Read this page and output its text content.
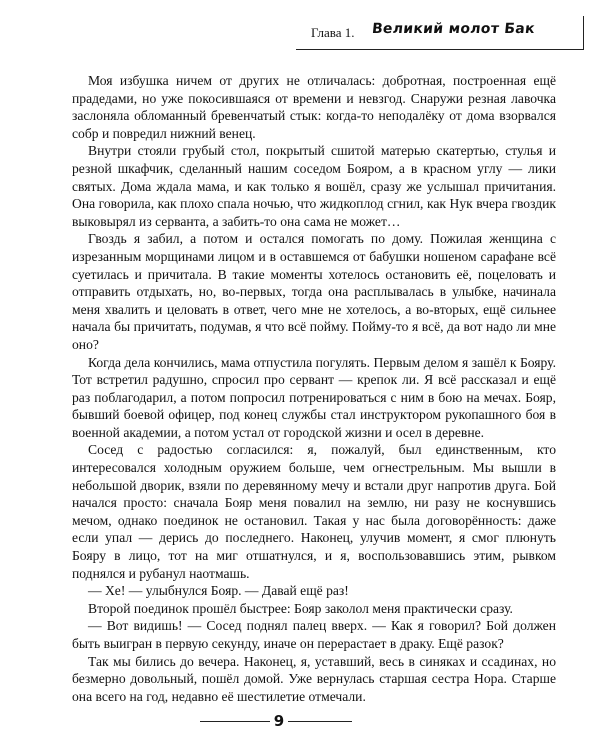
Глава 1. Великий молот Бак

Моя избушка ничем от других не отличалась: добротная, построенная ещё прадедами, но уже покосившаяся от времени и невзгод. Снаружи резная лавочка заслоняла обломанный бревенчатый стык: когда-то неподалёку от дома взорвался собр и повредил нижний венец.

Внутри стояли грубый стол, покрытый сшитой матерью скатертью, стулья и резной шкафчик, сделанный нашим соседом Бояром, а в красном углу — лики святых. Дома ждала мама, и как только я вошёл, сразу же услышал причитания. Она говорила, как плохо спала ночью, что жидкоплод сгнил, как Нук вчера гвоздик выковырял из серванта, а забить-то она сама не может…

Гвоздь я забил, а потом и остался помогать по дому. Пожилая женщина с изрезанным морщинами лицом и в оставшемся от бабушки ношеном сарафане всё суетилась и причитала. В такие моменты хотелось остановить её, поцеловать и отправить отдыхать, но, во-первых, тогда она расплывалась в улыбке, начинала меня хвалить и целовать в ответ, чего мне не хотелось, а во-вторых, ещё сильнее начала бы причитать, подумав, я что всё пойму. Пойму-то я всё, да вот надо ли мне оно?

Когда дела кончились, мама отпустила погулять. Первым делом я зашёл к Бояру. Тот встретил радушно, спросил про сервант — крепок ли. Я всё рассказал и ещё раз поблагодарил, а потом попросил потренироваться с ним в бою на мечах. Бояр, бывший боевой офицер, под конец службы стал инструктором рукопашного боя в военной академии, а потом устал от городской жизни и осел в деревне.

Сосед с радостью согласился: я, пожалуй, был единственным, кто интересовался холодным оружием больше, чем огнестрельным. Мы вышли в небольшой дворик, взяли по деревянному мечу и встали друг напротив друга. Бой начался просто: сначала Бояр меня повалил на землю, ни разу не коснувшись мечом, однако поединок не остановил. Такая у нас была договорённость: даже если упал — дерись до последнего. Наконец, улучив момент, я смог плюнуть Бояру в лицо, тот на миг отшатнулся, и я, воспользовавшись этим, рывком поднялся и рубанул наотмашь.

— Хе! — улыбнулся Бояр. — Давай ещё раз!

Второй поединок прошёл быстрее: Бояр заколол меня практически сразу.

— Вот видишь! — Сосед поднял палец вверх. — Как я говорил? Бой должен быть выигран в первую секунду, иначе он перерастает в драку. Ещё разок?

Так мы бились до вечера. Наконец, я, уставший, весь в синяках и ссадинах, но безмерно довольный, пошёл домой. Уже вернулась старшая сестра Нора. Старше она всего на год, недавно её шестилетие отмечали.

9
